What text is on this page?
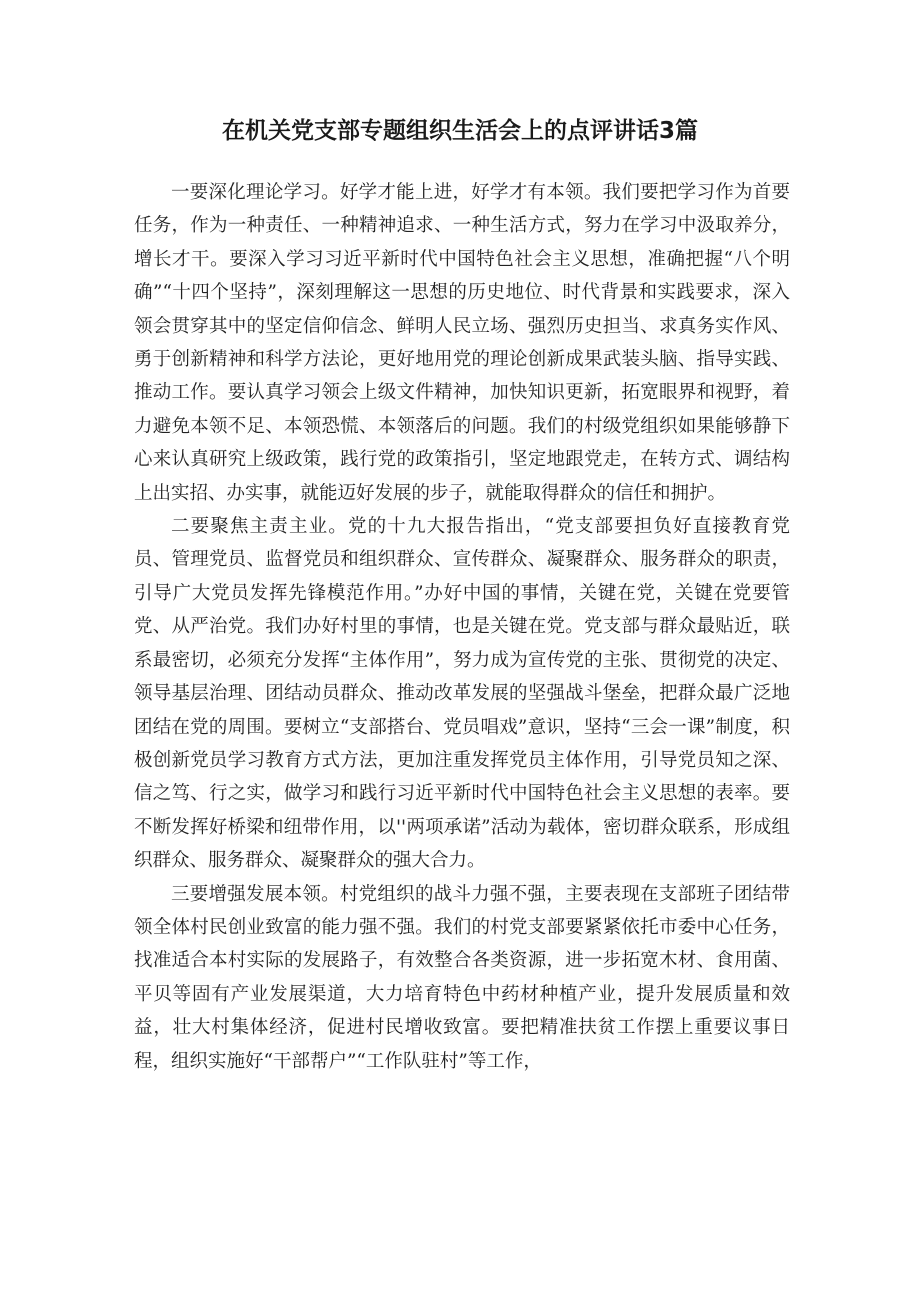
在机关党支部专题组织生活会上的点评讲话3篇

一要深化理论学习。好学才能上进，好学才有本领。我们要把学习作为首要任务，作为一种责任、一种精神追求、一种生活方式，努力在学习中汲取养分，增长才干。要深入学习习近平新时代中国特色社会主义思想，准确把握“八个明确”“十四个坚持”，深刻理解这一思想的历史地位、时代背景和实践要求，深入领会贯穿其中的坚定信仰信念、鲜明人民立场、强烈历史担当、求真务实作风、勇于创新精神和科学方法论，更好地用党的理论创新成果武装头脑、指导实践、推动工作。要认真学习领会上级文件精神，加快知识更新，拓宽眼界和视野，着力避免本领不足、本领恐慌、本领落后的问题。我们的村级党组织如果能够静下心来认真研究上级政策，践行党的政策指引，坚定地跟党走，在转方式、调结构上出实招、办实事，就能迈好发展的步子，就能取得群众的信任和拥护。

二要聚焦主责主业。党的十九大报告指出，“党支部要担负好直接教育党员、管理党员、监督党员和组织群众、宣传群众、凝聚群众、服务群众的职责，引导广大党员发挥先锋模范作用。”办好中国的事情，关键在党，关键在党要管党、从严治党。我们办好村里的事情，也是关键在党。党支部与群众最贴近，联系最密切，必须充分发挥“主体作用”，努力成为宣传党的主张、贯彻党的决定、领导基层治理、团结动员群众、推动改革发展的坚强战斗堡垒，把群众最广泛地团结在党的周围。要树立“支部搭台、党员唱戏”意识，坚持“三会一课”制度，积极创新党员学习教育方式方法，更加注重发挥党员主体作用，引导党员知之深、信之笃、行之实，做学习和践行习近平新时代中国特色社会主义思想的表率。要不断发挥好桥梁和纽带作用，以''两项承诺”活动为载体，密切群众联系，形成组织群众、服务群众、凝聚群众的强大合力。

三要增强发展本领。村党组织的战斗力强不强，主要表现在支部班子团结带领全体村民创业致富的能力强不强。我们的村党支部要紧紧依托市委中心任务，找准适合本村实际的发展路子，有效整合各类资源，进一步拓宽木材、食用菌、平贝等固有产业发展渠道，大力培育特色中药材种植产业，提升发展质量和效益，壮大村集体经济，促进村民增收致富。要把精准扶贫工作摆上重要议事日程，组织实施好“干部帮户”“工作队驻村”等工作，
